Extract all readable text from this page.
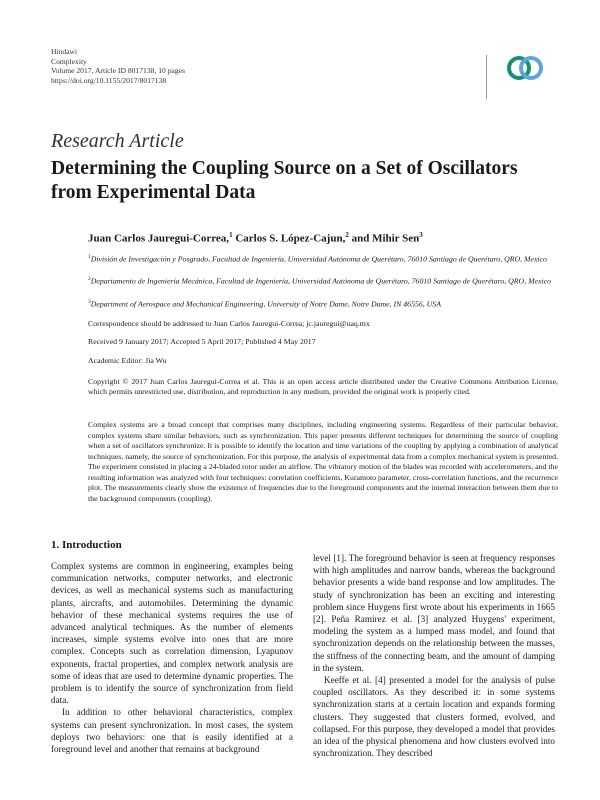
Hindawi
Complexity
Volume 2017, Article ID 8017138, 10 pages
https://doi.org/10.1155/2017/8017138
Research Article
Determining the Coupling Source on a Set of Oscillators from Experimental Data
Juan Carlos Jauregui-Correa,$^1$ Carlos S. López-Cajun,$^2$ and Mihir Sen$^3$
$^1$División de Investigación y Posgrado, Facultad de Ingeniería, Universidad Autónoma de Querétaro, 76010 Santiago de Querétaro, QRO, Mexico
$^2$Departamento de Ingeniería Mecánica, Facultad de Ingeniería, Universidad Autónoma de Querétaro, 76010 Santiago de Querétaro, QRO, Mexico
$^3$Department of Aerospace and Mechanical Engineering, University of Notre Dame, Notre Dame, IN 46556, USA
Correspondence should be addressed to Juan Carlos Jauregui-Correa; jc.jauregui@uaq.mx
Received 9 January 2017; Accepted 5 April 2017; Published 4 May 2017
Academic Editor: Jia Wu
Copyright © 2017 Juan Carlos Jauregui-Correa et al. This is an open access article distributed under the Creative Commons Attribution License, which permits unrestricted use, distribution, and reproduction in any medium, provided the original work is properly cited.
Complex systems are a broad concept that comprises many disciplines, including engineering systems. Regardless of their particular behavior, complex systems share similar behaviors, such as synchronization. This paper presents different techniques for determining the source of coupling when a set of oscillators synchronize. It is possible to identify the location and time variations of the coupling by applying a combination of analytical techniques, namely, the source of synchronization. For this purpose, the analysis of experimental data from a complex mechanical system is presented. The experiment consisted in placing a 24-bladed rotor under an airflow. The vibratory motion of the blades was recorded with accelerometers, and the resulting information was analyzed with four techniques: correlation coefficients, Kuramoto parameter, cross-correlation functions, and the recurrence plot. The measurements clearly show the existence of frequencies due to the foreground components and the internal interaction between them due to the background components (coupling).
1. Introduction

Complex systems are common in engineering, examples being communication networks, computer networks, and electronic devices, as well as mechanical systems such as manufacturing plants, aircrafts, and automobiles. Determining the dynamic behavior of these mechanical systems requires the use of advanced analytical techniques. As the number of elements increases, simple systems evolve into ones that are more complex. Concepts such as correlation dimension, Lyapunov exponents, fractal properties, and complex network analysis are some of ideas that are used to determine dynamic properties. The problem is to identify the source of synchronization from field data.

In addition to other behavioral characteristics, complex systems can present synchronization. In most cases, the system deploys two behaviors: one that is easily identified at a foreground level and another that remains at background

level [1]. The foreground behavior is seen at frequency responses with high amplitudes and narrow bands, whereas the background behavior presents a wide band response and low amplitudes. The study of synchronization has been an exciting and interesting problem since Huygens first wrote about his experiments in 1665 [2]. Peña Ramirez et al. [3] analyzed Huygens' experiment, modeling the system as a lumped mass model, and found that synchronization depends on the relationship between the masses, the stiffness of the connecting beam, and the amount of damping in the system.

Keeffe et al. [4] presented a model for the analysis of pulse coupled oscillators. As they described it: in some systems synchronization starts at a certain location and expands forming clusters. They suggested that clusters formed, evolved, and collapsed. For this purpose, they developed a model that provides an idea of the physical phenomena and how clusters evolved into synchronization. They described
